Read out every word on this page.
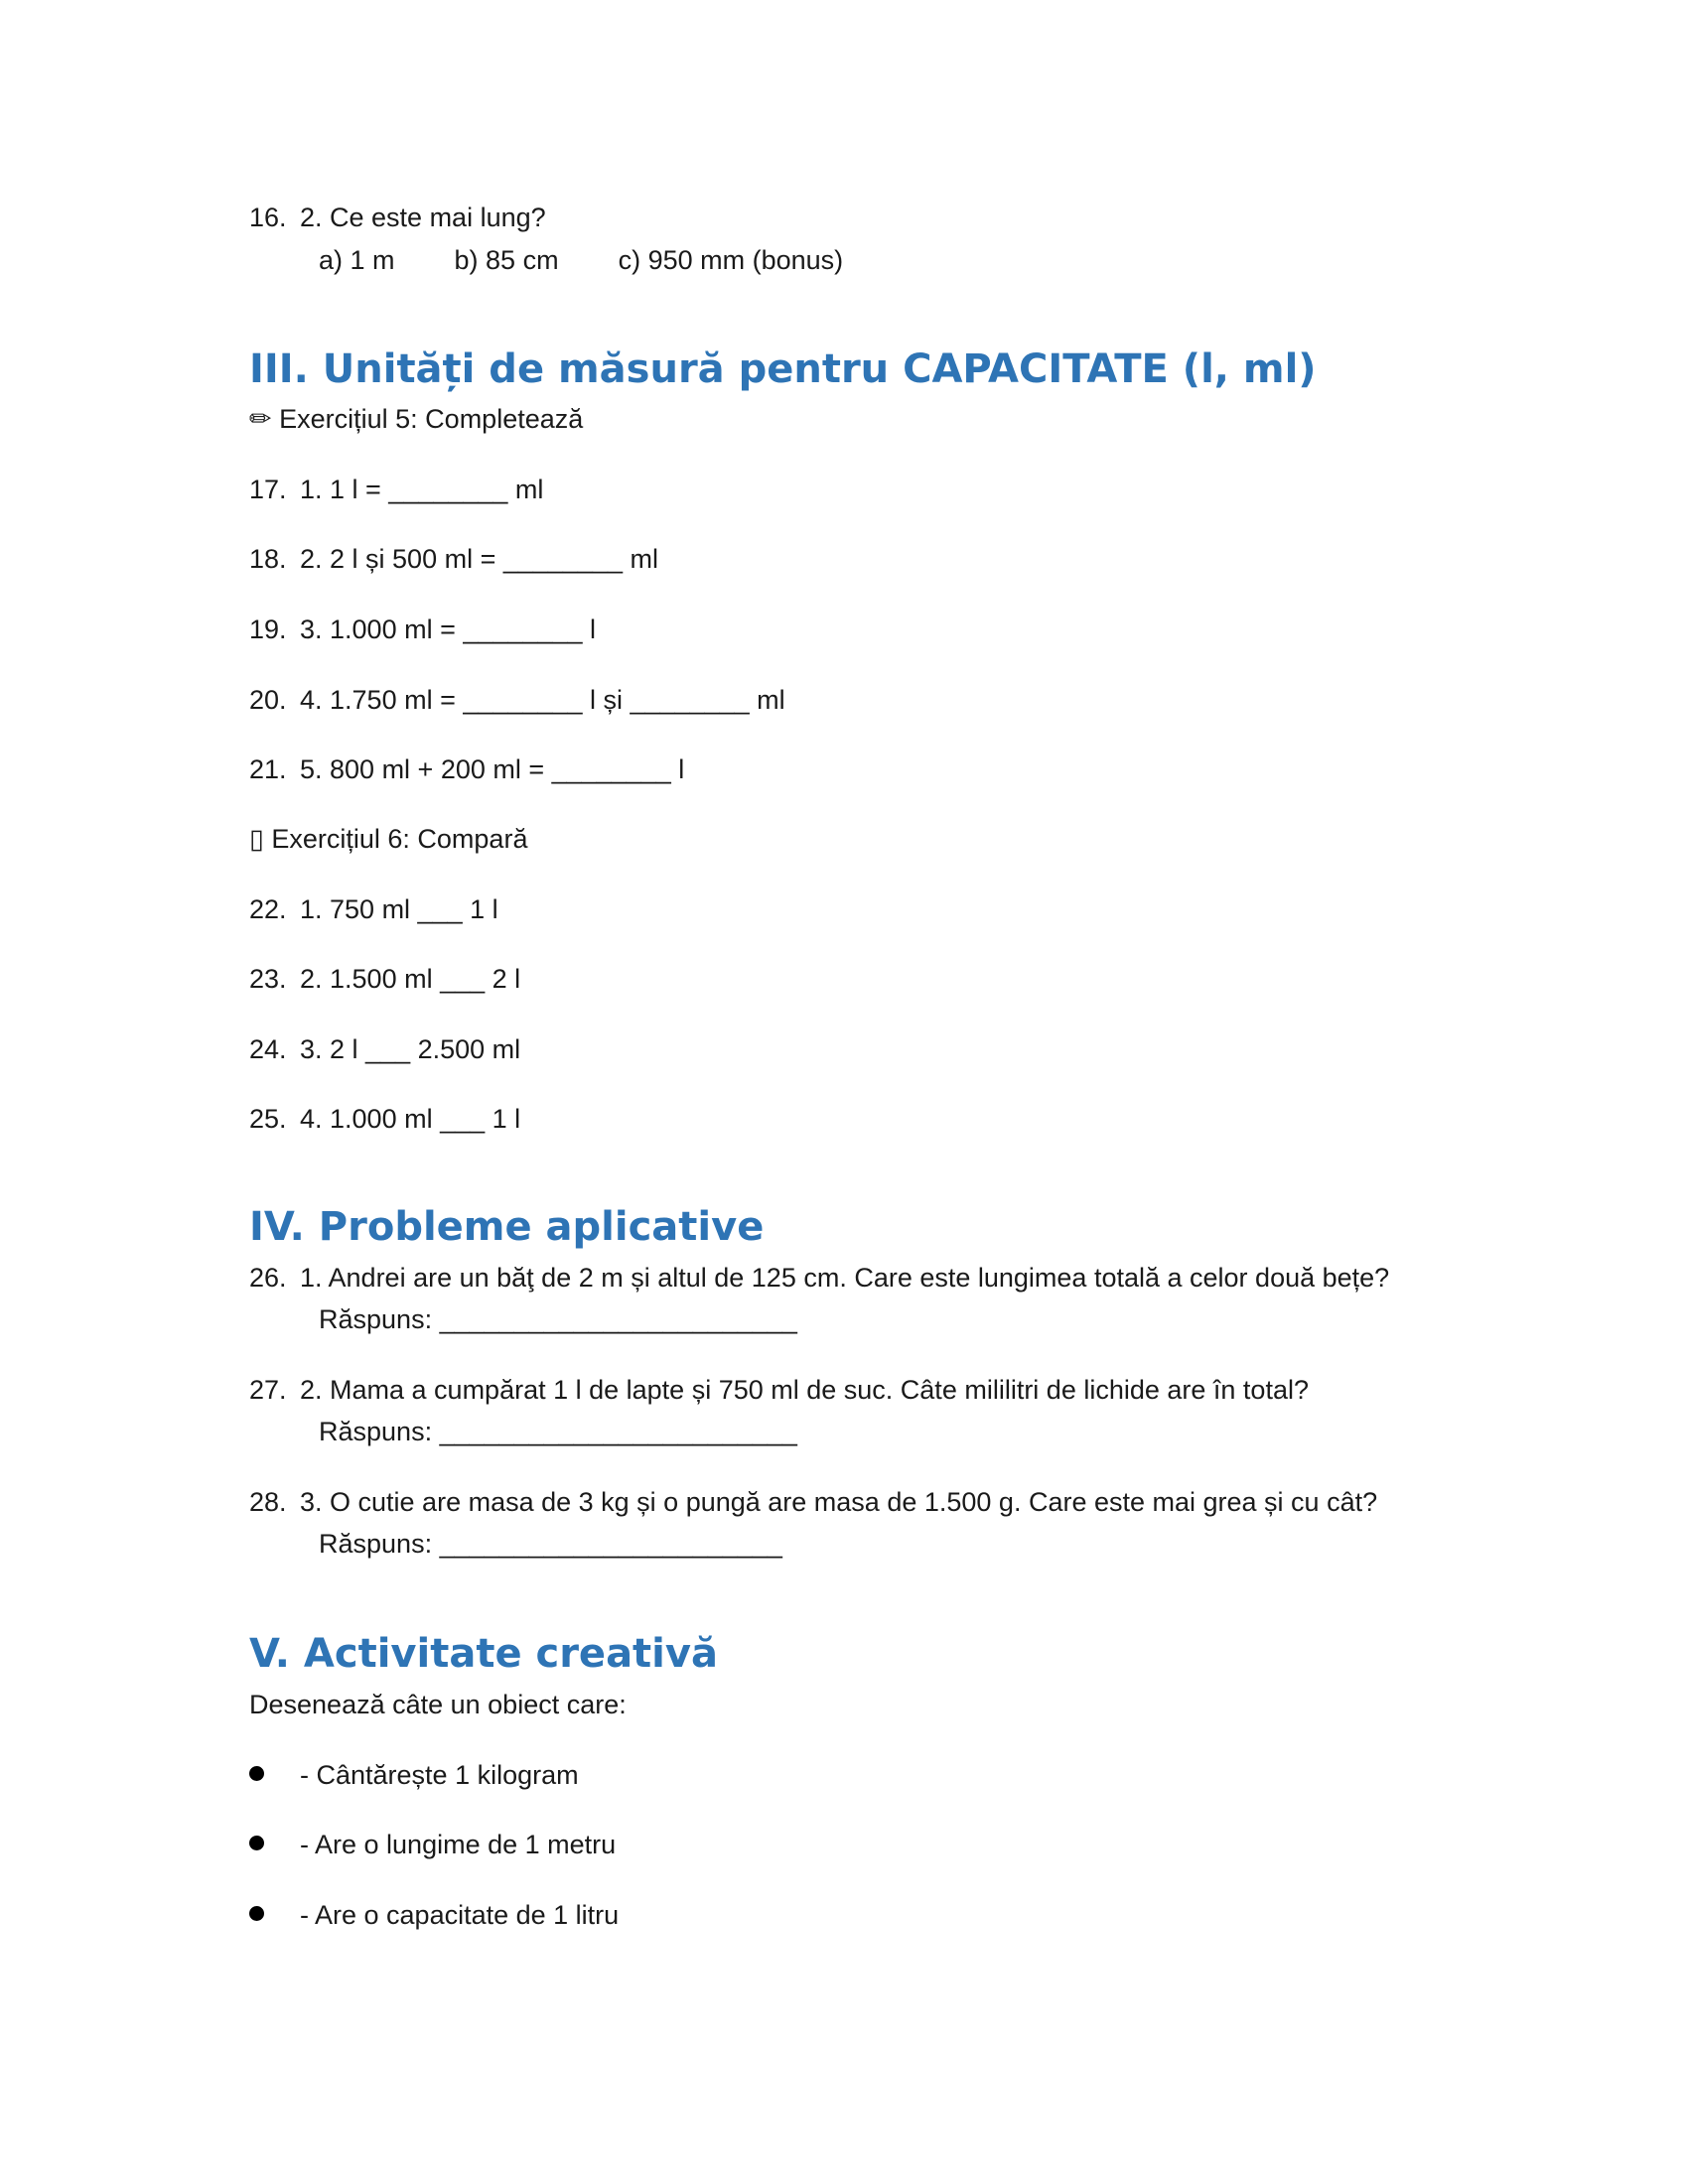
16. 2. Ce este mai lung?
a) 1 m b) 85 cm c) 950 mm (bonus)
III. Unități de măsură pentru CAPACITATE (l, ml)
✏ Exercițiul 5: Completează
17. 1. 1 l = ________ ml
18. 2. 2 l și 500 ml = ________ ml
19. 3. 1.000 ml = ________ l
20. 4. 1.750 ml = ________ l și ________ ml
21. 5. 800 ml + 200 ml = ________ l
▯ Exercițiul 6: Compară
22. 1. 750 ml ___ 1 l
23. 2. 1.500 ml ___ 2 l
24. 3. 2 l ___ 2.500 ml
25. 4. 1.000 ml ___ 1 l
IV. Probleme aplicative
26. 1. Andrei are un băţ de 2 m și altul de 125 cm. Care este lungimea totală a celor două bețe?
Răspuns: ________________________
27. 2. Mama a cumpărat 1 l de lapte și 750 ml de suc. Câte mililitri de lichide are în total?
Răspuns: ________________________
28. 3. O cutie are masa de 3 kg și o pungă are masa de 1.500 g. Care este mai grea și cu cât?
Răspuns: _______________________
V. Activitate creativă
Desenează câte un obiect care:
- Cântărește 1 kilogram
- Are o lungime de 1 metru
- Are o capacitate de 1 litru
